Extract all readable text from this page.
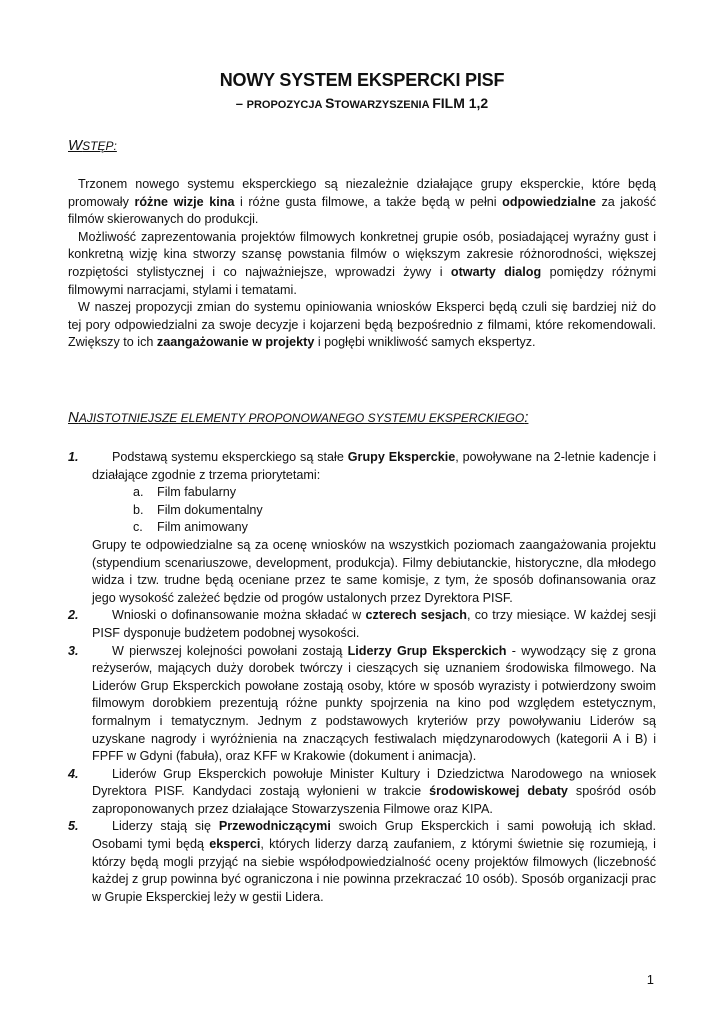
NOWY SYSTEM EKSPERCKI PISF
– PROPOZYCJA STOWARZYSZENIA FILM 1,2
WSTĘP:

Trzonem nowego systemu eksperckiego są niezależnie działające grupy eksperckie, które będą promowały różne wizje kina i różne gusta filmowe, a także będą w pełni odpowiedzialne za jakość filmów skierowanych do produkcji.

Możliwość zaprezentowania projektów filmowych konkretnej grupie osób, posiadającej wyraźny gust i konkretną wizję kina stworzy szansę powstania filmów o większym zakresie różnorodności, większej rozpiętości stylistycznej i co najważniejsze, wprowadzi żywy i otwarty dialog pomiędzy różnymi filmowymi narracjami, stylami i tematami.

W naszej propozycji zmian do systemu opiniowania wniosków Eksperci będą czuli się bardziej niż do tej pory odpowiedzialni za swoje decyzje i kojarzeni będą bezpośrednio z filmami, które rekomendowali. Zwiększy to ich zaangażowanie w projekty i pogłębi wnikliwość samych ekspertyz.

NAJISTOTNIEJSZE ELEMENTY PROPONOWANEGO SYSTEMU EKSPERCKIEGO:
1.	Podstawą systemu eksperckiego są stałe Grupy Eksperckie, powoływane na 2-letnie kadencje i działające zgodnie z trzema priorytetami:
a. Film fabularny
b. Film dokumentalny
c. Film animowany
Grupy te odpowiedzialne są za ocenę wniosków na wszystkich poziomach zaangażowania projektu (stypendium scenariuszowe, development, produkcja). Filmy debiutanckie, historyczne, dla młodego widza i tzw. trudne będą oceniane przez te same komisje, z tym, że sposób dofinansowania oraz jego wysokość zależeć będzie od progów ustalonych przez Dyrektora PISF.
2.	Wnioski o dofinansowanie można składać w czterech sesjach, co trzy miesiące. W każdej sesji PISF dysponuje budżetem podobnej wysokości.
3.	W pierwszej kolejności powołani zostają Liderzy Grup Eksperckich - wywodzący się z grona reżyserów, mających duży dorobek twórczy i cieszących się uznaniem środowiska filmowego. Na Liderów Grup Eksperckich powołane zostają osoby, które w sposób wyrazisty i potwierdzony swoim filmowym dorobkiem prezentują różne punkty spojrzenia na kino pod względem estetycznym, formalnym i tematycznym. Jednym z podstawowych kryteriów przy powoływaniu Liderów są uzyskane nagrody i wyróżnienia na znaczących festiwalach międzynarodowych (kategorii A i B) i FPFF w Gdyni (fabuła), oraz KFF w Krakowie (dokument i animacja).
4.	Liderów Grup Eksperckich powołuje Minister Kultury i Dziedzictwa Narodowego na wniosek Dyrektora PISF. Kandydaci zostają wyłonieni w trakcie środowiskowej debaty spośród osób zaproponowanych przez działające Stowarzyszenia Filmowe oraz KIPA.
5.	Liderzy stają się Przewodniczącymi swoich Grup Eksperckich i sami powołują ich skład. Osobami tymi będą eksperci, których liderzy darzą zaufaniem, z którymi świetnie się rozumieją, i którzy będą mogli przyjąć na siebie współodpowiedzialność oceny projektów filmowych (liczebność każdej z grup powinna być ograniczona i nie powinna przekraczać 10 osób). Sposób organizacji prac w Grupie Eksperckiej leży w gestii Lidera.
1
